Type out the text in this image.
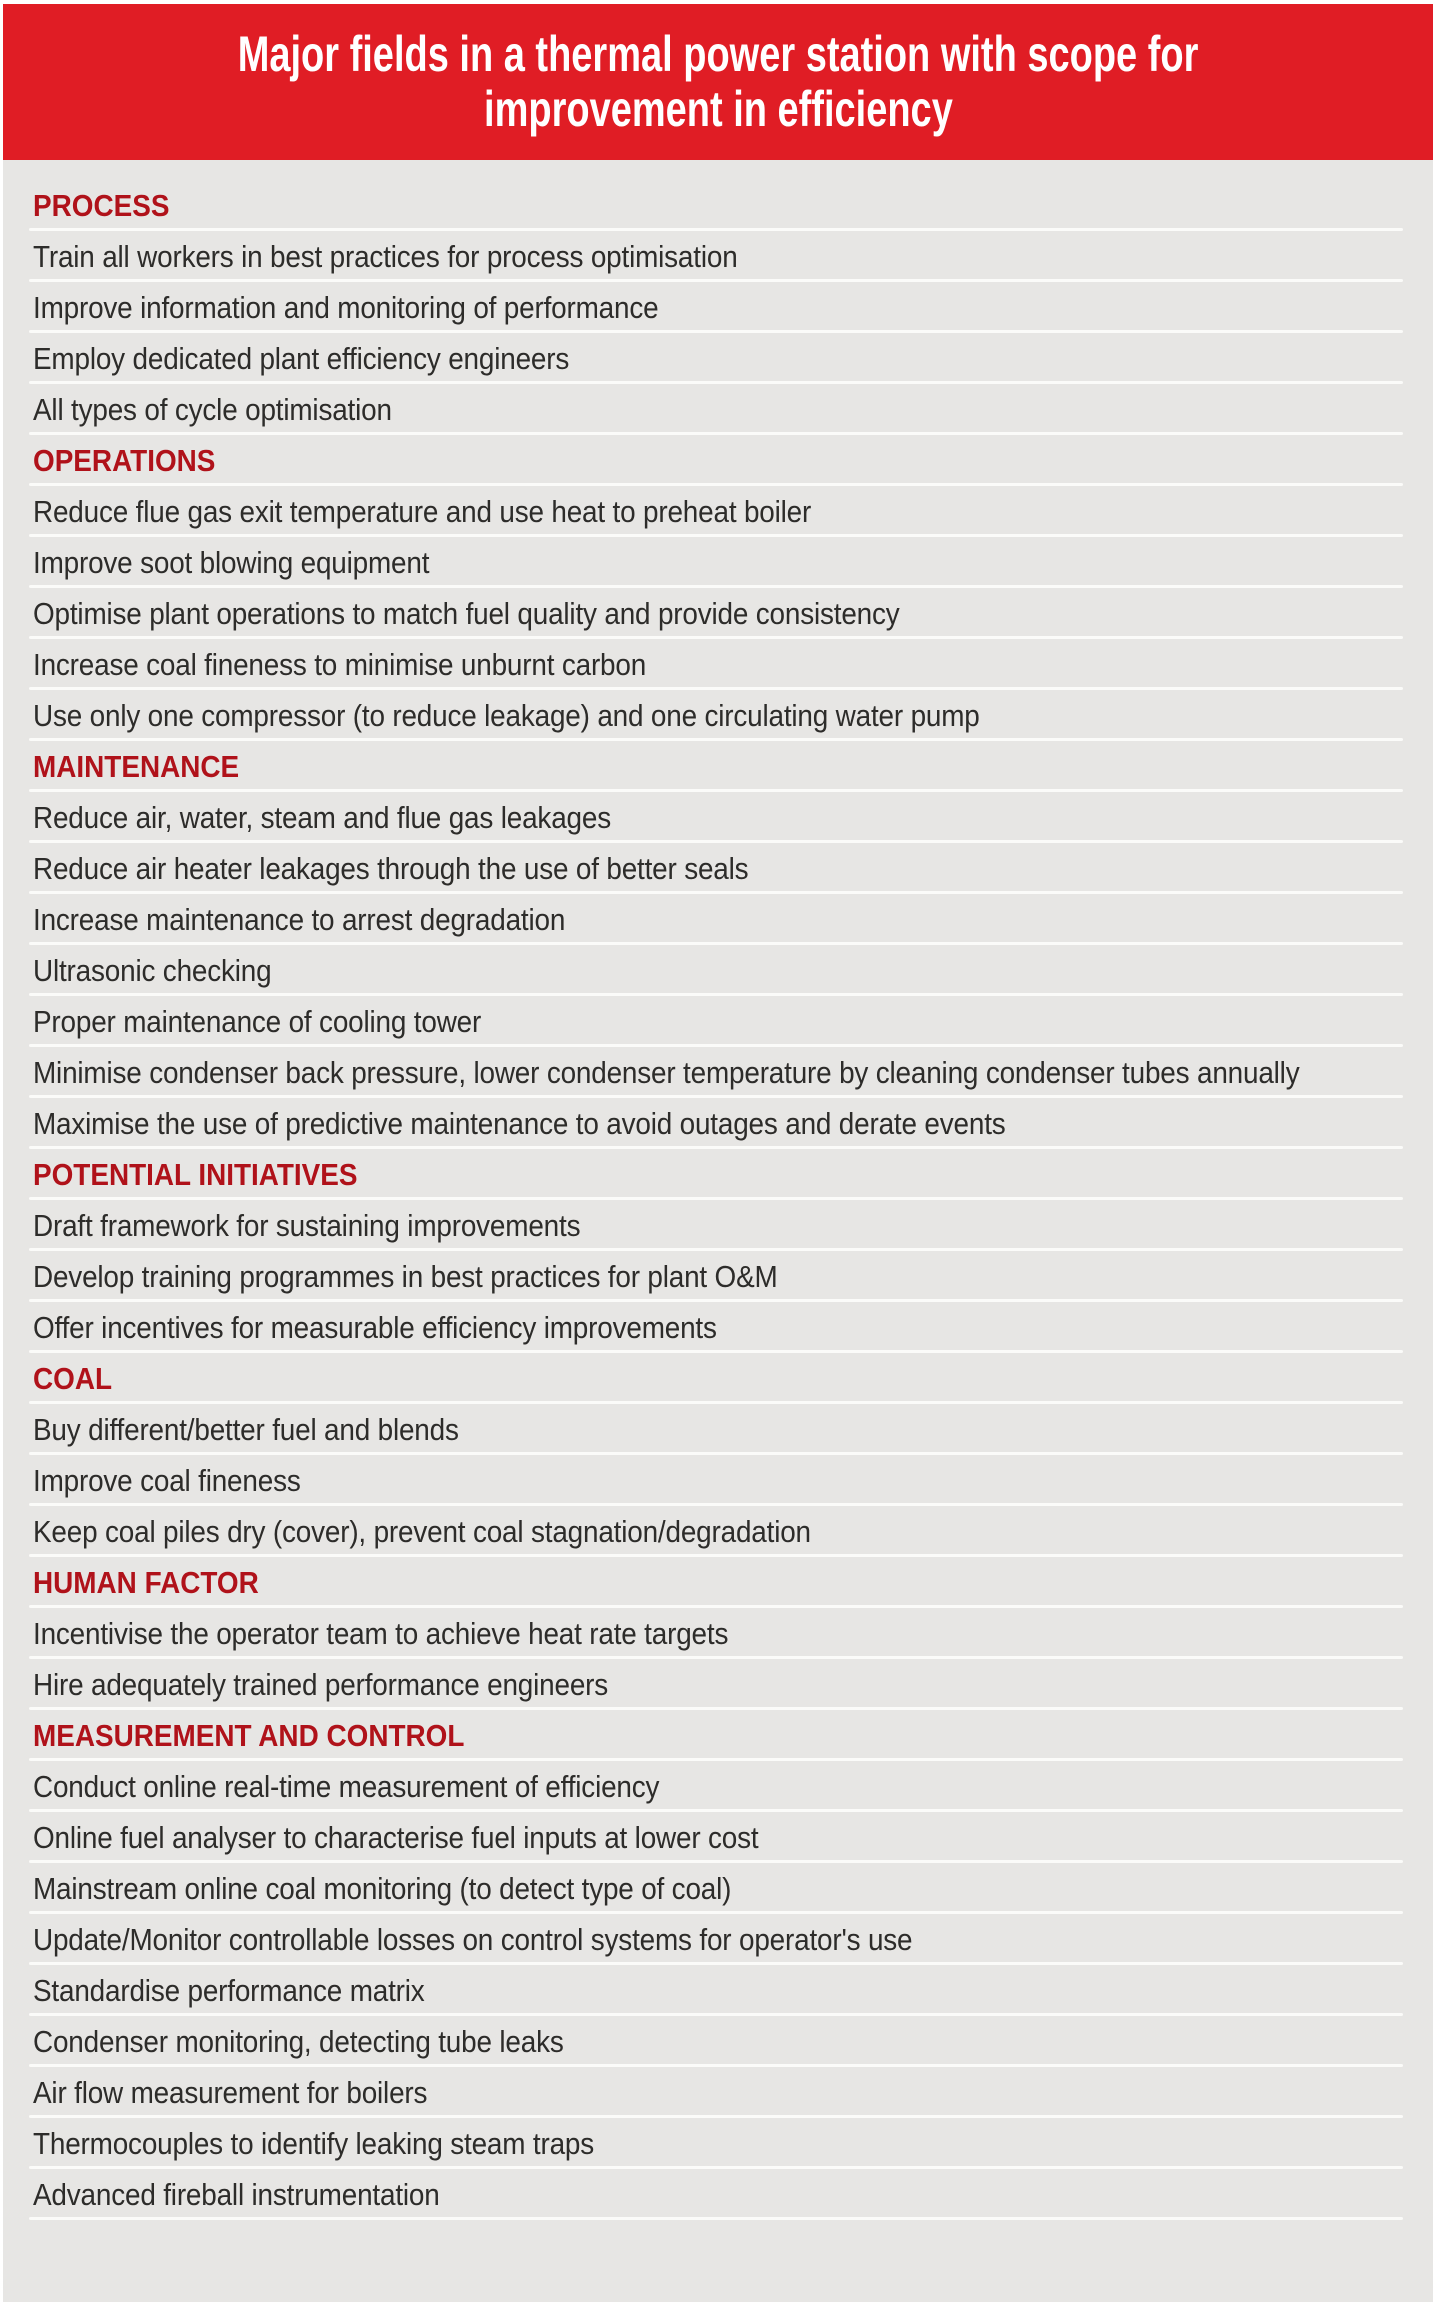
Major fields in a thermal power station with scope for
improvement in efficiency
PROCESS
Train all workers in best practices for process optimisation
Improve information and monitoring of performance
Employ dedicated plant efficiency engineers
All types of cycle optimisation
OPERATIONS
Reduce flue gas exit temperature and use heat to preheat boiler
Improve soot blowing equipment
Optimise plant operations to match fuel quality and provide consistency
Increase coal fineness to minimise unburnt carbon
Use only one compressor (to reduce leakage) and one circulating water pump
MAINTENANCE
Reduce air, water, steam and flue gas leakages
Reduce air heater leakages through the use of better seals
Increase maintenance to arrest degradation
Ultrasonic checking
Proper maintenance of cooling tower
Minimise condenser back pressure, lower condenser temperature by cleaning condenser tubes annually
Maximise the use of predictive maintenance to avoid outages and derate events
POTENTIAL INITIATIVES
Draft framework for sustaining improvements
Develop training programmes in best practices for plant O&M
Offer incentives for measurable efficiency improvements
COAL
Buy different/better fuel and blends
Improve coal fineness
Keep coal piles dry (cover), prevent coal stagnation/degradation
HUMAN FACTOR
Incentivise the operator team to achieve heat rate targets
Hire adequately trained performance engineers
MEASUREMENT AND CONTROL
Conduct online real-time measurement of efficiency
Online fuel analyser to characterise fuel inputs at lower cost
Mainstream online coal monitoring (to detect type of coal)
Update/Monitor controllable losses on control systems for operator's use
Standardise performance matrix
Condenser monitoring, detecting tube leaks
Air flow measurement for boilers
Thermocouples to identify leaking steam traps
Advanced fireball instrumentation
